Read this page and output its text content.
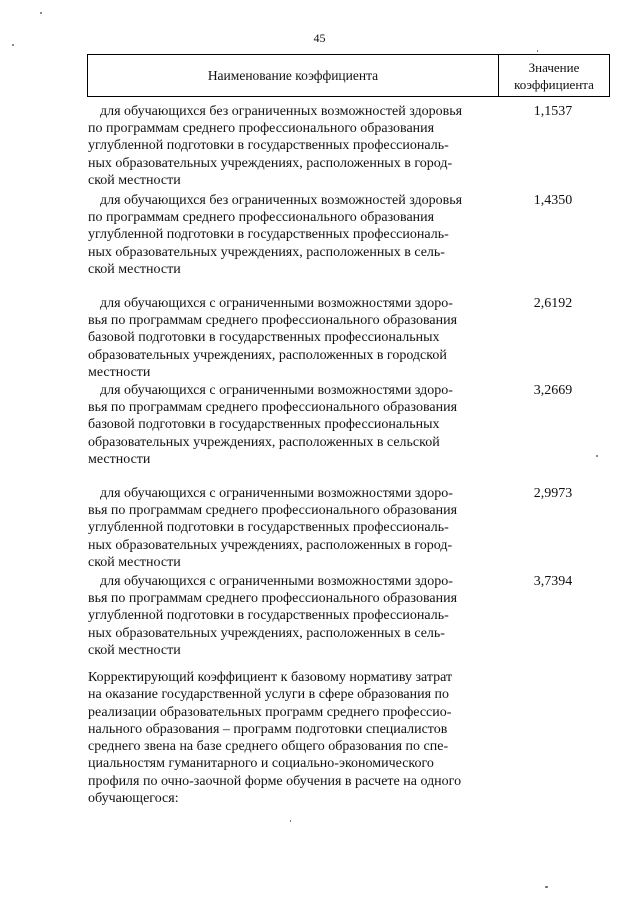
45
Наименование коэффициента
Значение
коэффициента
для обучающихся без ограниченных возможностей здоровья
по программам среднего профессионального образования
углубленной подготовки в государственных профессиональ-
ных образовательных учреждениях, расположенных в город-
ской местности
1,1537
для обучающихся без ограниченных возможностей здоровья
по программам среднего профессионального образования
углубленной подготовки в государственных профессиональ-
ных образовательных учреждениях, расположенных в сель-
ской местности
1,4350
для обучающихся с ограниченными возможностями здоро-
вья по программам среднего профессионального образования
базовой подготовки в государственных профессиональных
образовательных учреждениях, расположенных в городской
местности
2,6192
для обучающихся с ограниченными возможностями здоро-
вья по программам среднего профессионального образования
базовой подготовки в государственных профессиональных
образовательных учреждениях, расположенных в сельской
местности
3,2669
для обучающихся с ограниченными возможностями здоро-
вья по программам среднего профессионального образования
углубленной подготовки в государственных профессиональ-
ных образовательных учреждениях, расположенных в город-
ской местности
2,9973
для обучающихся с ограниченными возможностями здоро-
вья по программам среднего профессионального образования
углубленной подготовки в государственных профессиональ-
ных образовательных учреждениях, расположенных в сель-
ской местности
3,7394
Корректирующий коэффициент к базовому нормативу затрат
на оказание государственной услуги в сфере образования по
реализации образовательных программ среднего профессио-
нального образования – программ подготовки специалистов
среднего звена на базе среднего общего образования по спе-
циальностям гуманитарного и социально-экономического
профиля по очно-заочной форме обучения в расчете на одного
обучающегося:
